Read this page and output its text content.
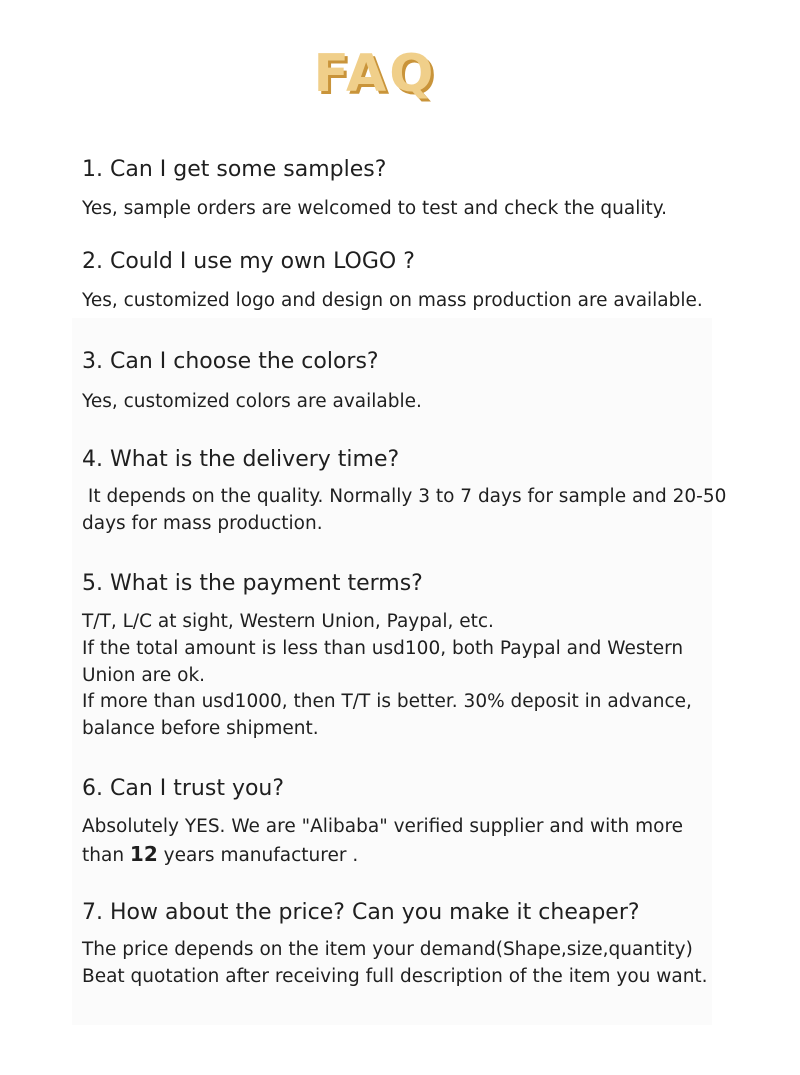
FAQ
1. Can I get some samples?

Yes, sample orders are welcomed to test and check the quality.

2. Could I use my own LOGO ?

Yes, customized logo and design on mass production are available.

3. Can I choose the colors?

Yes, customized colors are available.

4. What is the delivery time?

It depends on the quality. Normally 3 to 7 days for sample and 20-50

days for mass production.

5. What is the payment terms?

T/T, L/C at sight, Western Union, Paypal, etc.

If the total amount is less than usd100, both Paypal and Western

Union are ok.

If more than usd1000, then T/T is better. 30% deposit in advance,

balance before shipment.

6. Can I trust you?

Absolutely YES. We are "Alibaba" verified supplier and with more

than 12 years manufacturer .

7. How about the price? Can you make it cheaper?

The price depends on the item your demand(Shape,size,quantity)

Beat quotation after receiving full description of the item you want.
